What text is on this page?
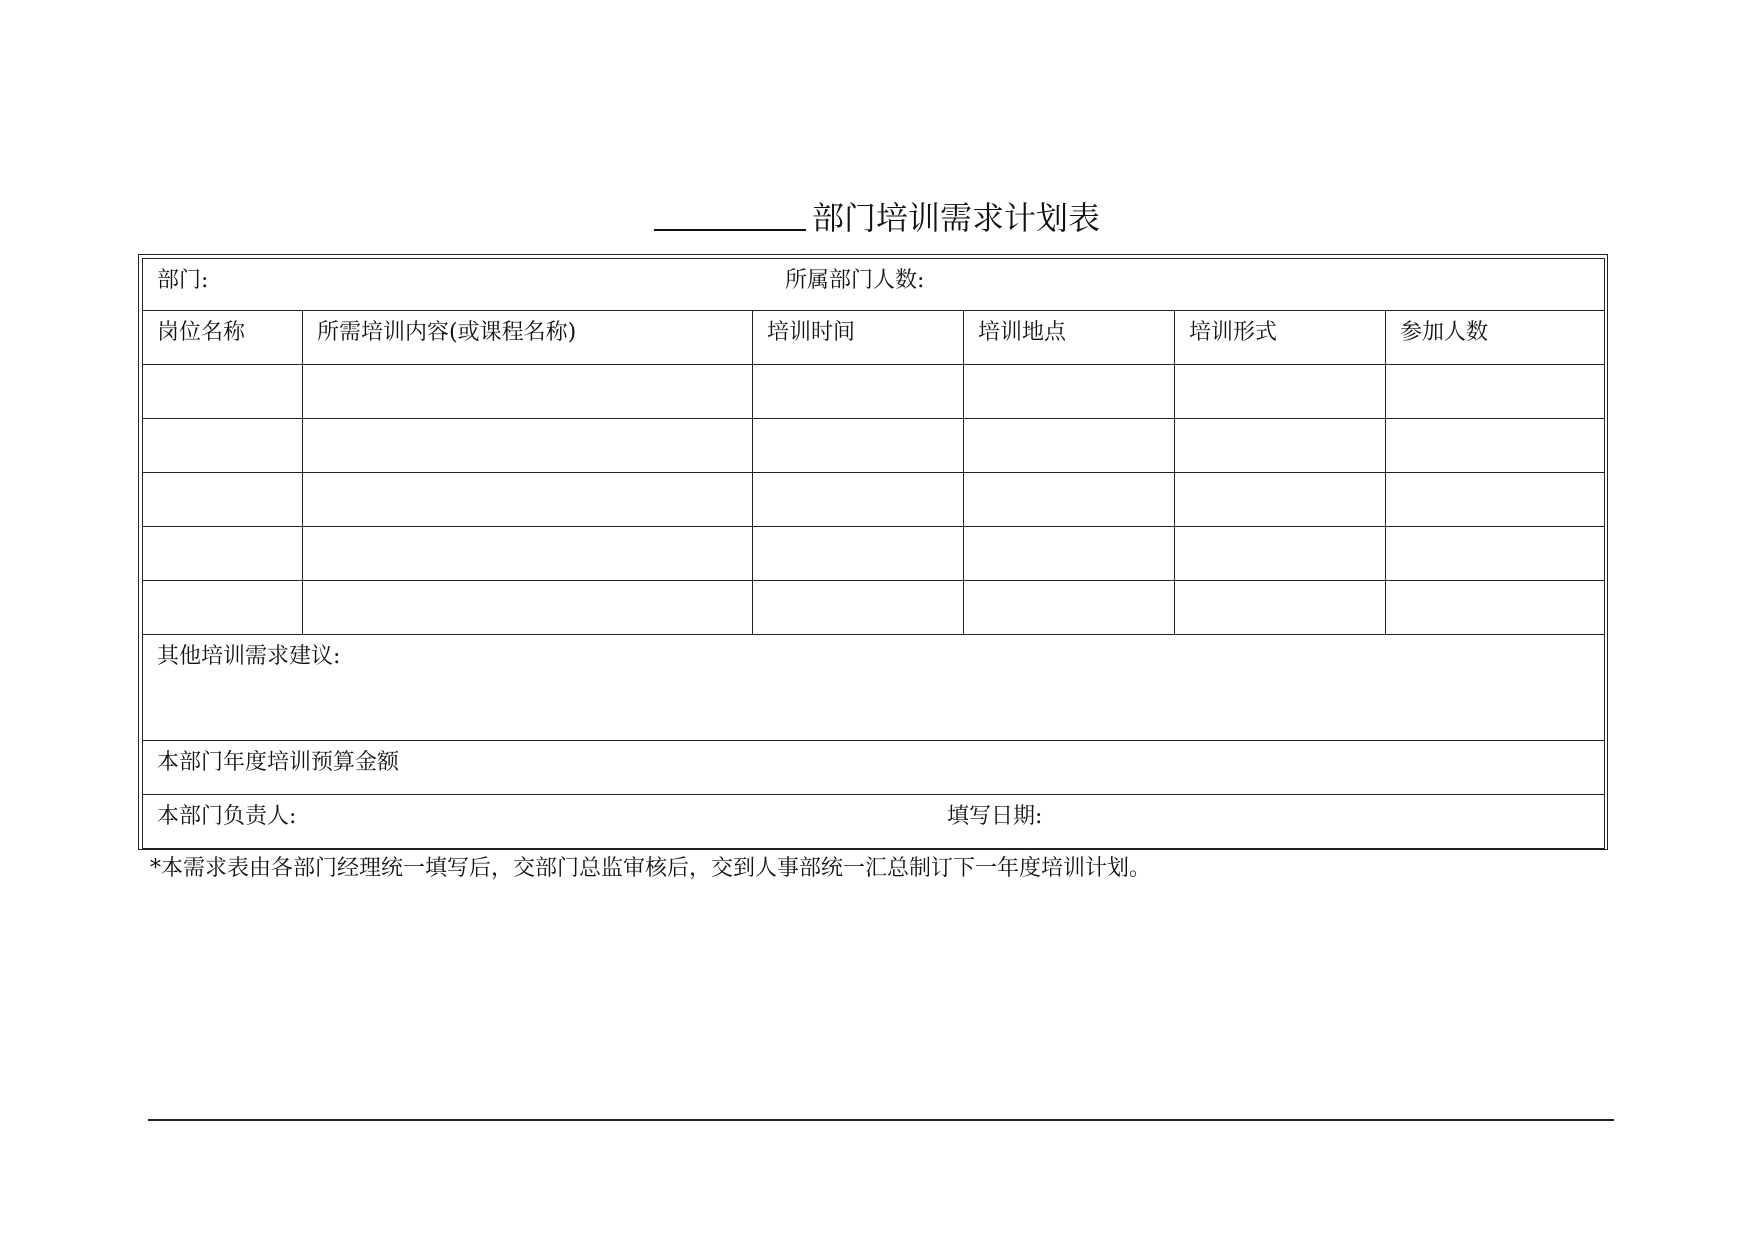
部门培训需求计划表
部门: 所属部门人数:					

岗位名称	所需培训内容(或课程名称)	培训时间	培训地点	培训形式	参加人数

其他培训需求建议:					

本部门年度培训预算金额					

本部门负责人: 填写日期:					
*本需求表由各部门经理统一填写后，交部门总监审核后，交到人事部统一汇总制订下一年度培训计划。
